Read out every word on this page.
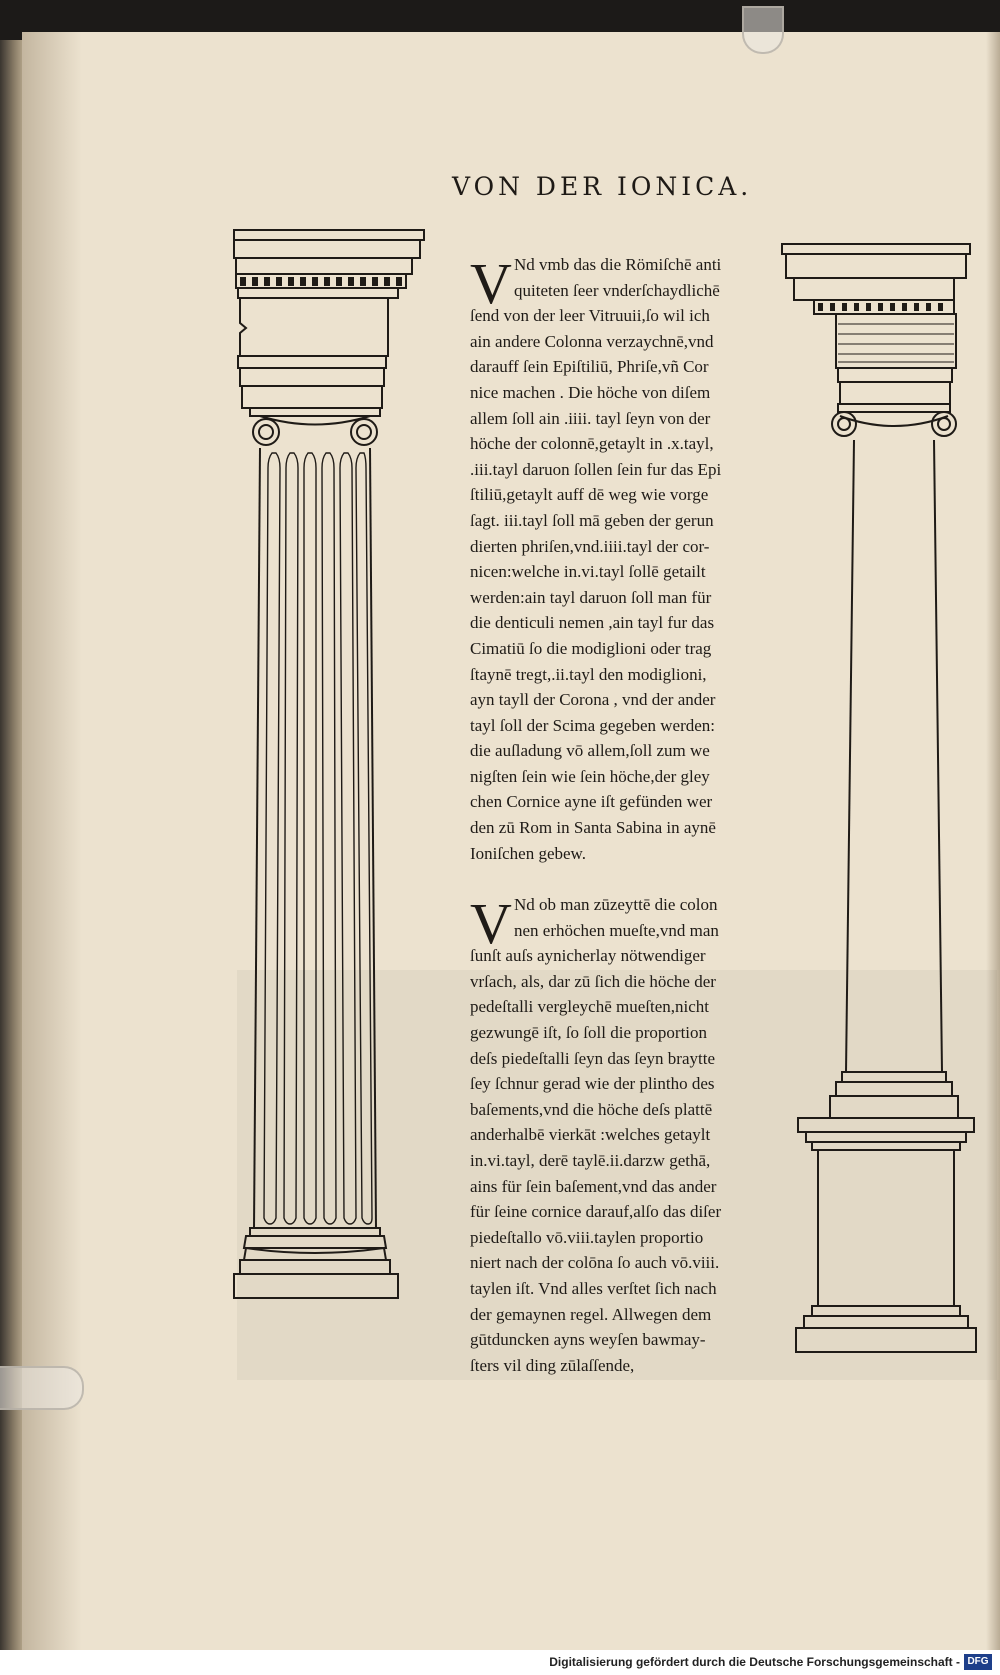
VON DER IONICA.
V Nd vmb das die Römiſchē anti
quiteten ſeer vnderſchaydlichē
ſend von der leer Vitruuii,ſo wil ich
ain andere Colonna verzaychnē,vnd
darauff ſein Epiſtiliū, Phriſe,vñ Cor
nice machen . Die höche von diſem
allem ſoll ain .iiii. tayl ſeyn von der
höche der colonnē,getaylt in .x.tayl,
.iii.tayl daruon ſollen ſein fur das Epi
ſtiliū,getaylt auff dē weg wie vorge
ſagt. iii.tayl ſoll mā geben der gerun
dierten phriſen,vnd.iiii.tayl der cor-
nicen:welche in.vi.tayl ſollē getailt
werden:ain tayl daruon ſoll man für
die denticuli nemen ,ain tayl fur das
Cimatiū ſo die modiglioni oder trag
ſtaynē tregt,.ii.tayl den modiglioni,
ayn tayll der Corona , vnd der ander
tayl ſoll der Scima gegeben werden:
die auſladung vō allem,ſoll zum we
nigſten ſein wie ſein höche,der gley
chen Cornice ayne iſt gefünden wer
den zū Rom in Santa Sabina in aynē
Ioniſchen gebew.
V Nd ob man zūzeyttē die colon
nen erhöchen mueſte,vnd man
ſunſt auſs aynicherlay nötwendiger
vrſach, als, dar zū ſich die höche der
pedeſtalli vergleychē mueſten,nicht
gezwungē iſt, ſo ſoll die proportion
deſs piedeſtalli ſeyn das ſeyn braytte
ſey ſchnur gerad wie der plintho des
baſements,vnd die höche deſs plattē
anderhalbē vierkāt :welches getaylt
in.vi.tayl, derē taylē.ii.darzw gethā,
ains für ſein baſement,vnd das ander
für ſeine cornice darauf,alſo das diſer
piedeſtallo vō.viii.taylen proportio
niert nach der colōna ſo auch vō.viii.
taylen iſt. Vnd alles verſtet ſich nach
der gemaynen regel. Allwegen dem
gūtduncken ayns weyſen bawmay-
ſters vil ding zūlaſſende,
Digitalisierung gefördert durch die Deutsche Forschungsgemeinschaft - DFG
